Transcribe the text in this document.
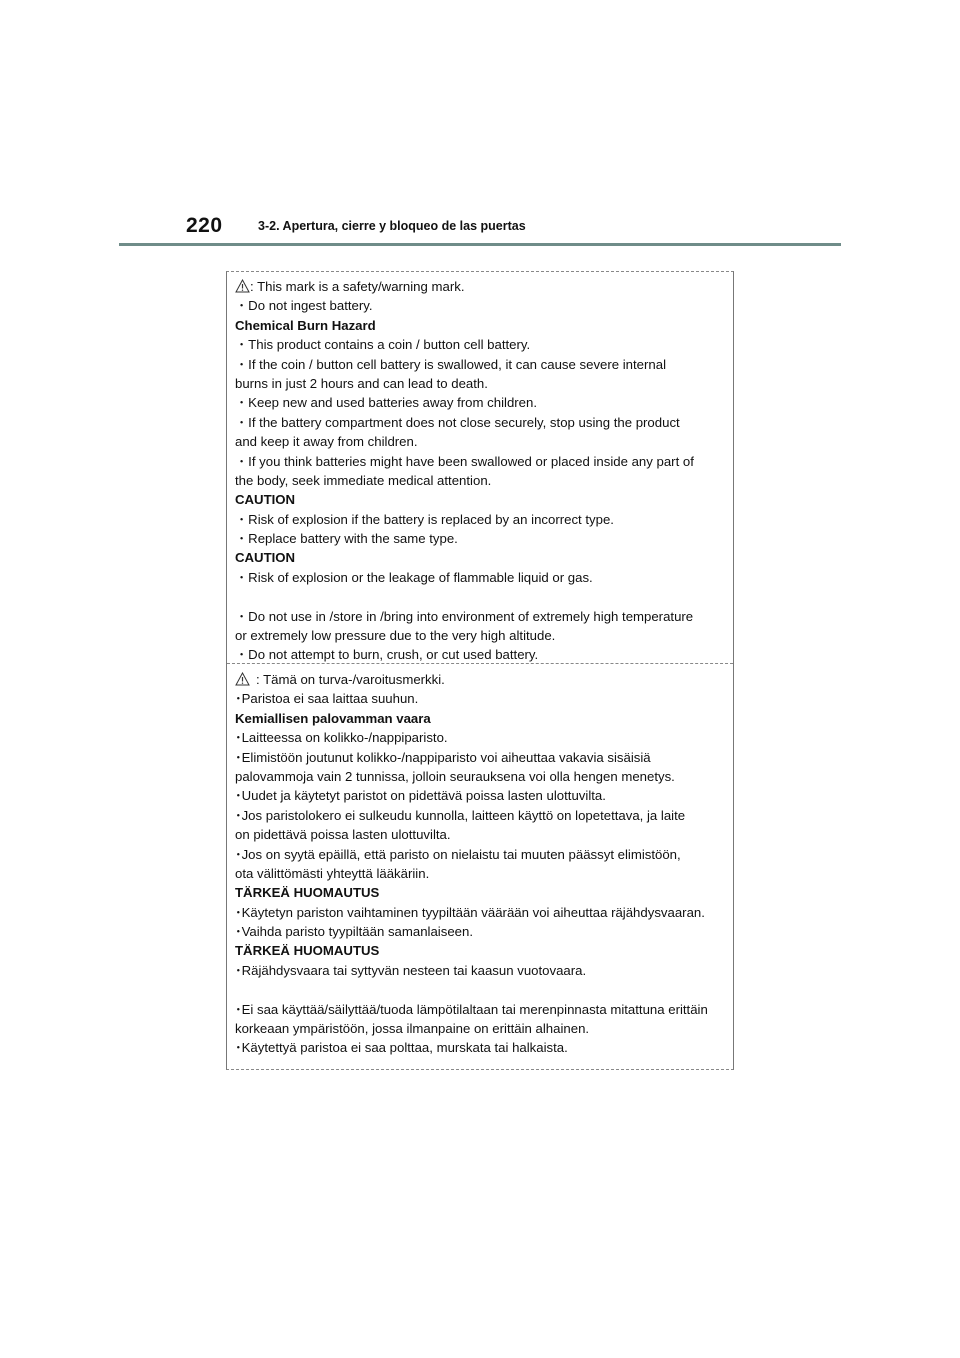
220	3-2. Apertura, cierre y bloqueo de las puertas
: This mark is a safety/warning mark.
・Do not ingest battery.
Chemical Burn Hazard
・This product contains a coin / button cell battery.
・If the coin / button cell battery is swallowed, it can cause severe internal
burns in just 2 hours and can lead to death.
・Keep new and used batteries away from children.
・If the battery compartment does not close securely, stop using the product
and keep it away from children.
・If you think batteries might have been swallowed or placed inside any part of
the body, seek immediate medical attention.
CAUTION
・Risk of explosion if the battery is replaced by an incorrect type.
・Replace battery with the same type.
CAUTION
・Risk of explosion or the leakage of flammable liquid or gas.
・Do not use in /store in /bring into environment of extremely high temperature
or extremely low pressure due to the very high altitude.
・Do not attempt to burn, crush, or cut used battery.
: Tämä on turva-/varoitusmerkki.
･Paristoa ei saa laittaa suuhun.
Kemiallisen palovamman vaara
･Laitteessa on kolikko-/nappiparisto.
･Elimistöön joutunut kolikko-/nappiparisto voi aiheuttaa vakavia sisäisiä
palovammoja vain 2 tunnissa, jolloin seurauksena voi olla hengen menetys.
･Uudet ja käytetyt paristot on pidettävä poissa lasten ulottuvilta.
･Jos paristolokero ei sulkeudu kunnolla, laitteen käyttö on lopetettava, ja laite
on pidettävä poissa lasten ulottuvilta.
･Jos on syytä epäillä, että paristo on nielaistu tai muuten päässyt elimistöön,
ota välittömästi yhteyttä lääkäriin.
TÄRKEÄ HUOMAUTUS
･Käytetyn pariston vaihtaminen tyypiltään väärään voi aiheuttaa räjähdysvaaran.
･Vaihda paristo tyypiltään samanlaiseen.
TÄRKEÄ HUOMAUTUS
･Räjähdysvaara tai syttyvän nesteen tai kaasun vuotovaara.
･Ei saa käyttää/säilyttää/tuoda lämpötilaltaan tai merenpinnasta mitattuna erittäin
korkeaan ympäristöön, jossa ilmanpaine on erittäin alhainen.
･Käytettyä paristoa ei saa polttaa, murskata tai halkaista.
